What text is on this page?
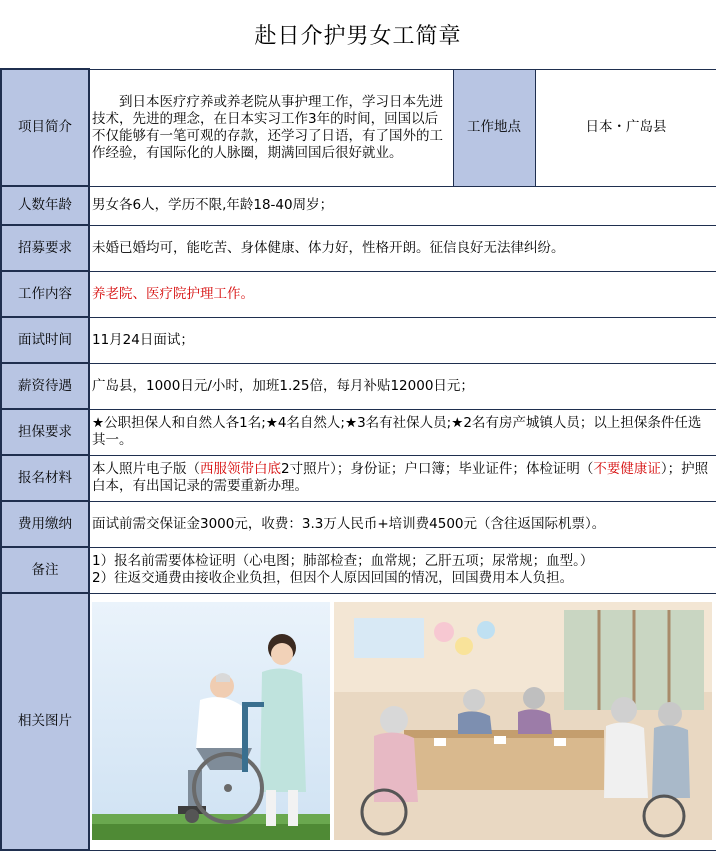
赴日介护男女工简章
项目简介	　　到日本医疗疗养或养老院从事护理工作，学习日本先进技术，先进的理念，在日本实习工作3年的时间，回国以后不仅能够有一笔可观的存款，还学习了日语，有了国外的工作经验，有国际化的人脉圈，期满回国后很好就业。	工作地点	日本・广岛县
人数年龄	男女各6人，学历不限,年龄18-40周岁；		
招募要求	未婚已婚均可，能吃苦、身体健康、体力好，性格开朗。征信良好无法律纠纷。		
工作内容	养老院、医疗院护理工作。		
面试时间	11月24日面试；		
薪资待遇	广岛县，1000日元/小时，加班1.25倍，每月补贴12000日元；		
担保要求	★公职担保人和自然人各1名;★4名自然人;★3名有社保人员;★2名有房产城镇人员；以上担保条件任选其一。		
报名材料	本人照片电子版（西服领带白底2寸照片）；身份证；户口簿；毕业证件；体检证明（不要健康证）；护照白本，有出国记录的需要重新办理。		
费用缴纳	面试前需交保证金3000元，收费：3.3万人民币+培训费4500元（含往返国际机票）。		
备注	1）报名前需要体检证明（心电图；肺部检查；血常规；乙肝五项；尿常规；血型。）
2）往返交通费由接收企业负担，但因个人原因回国的情况，回国费用本人负担。		

相关图片	
